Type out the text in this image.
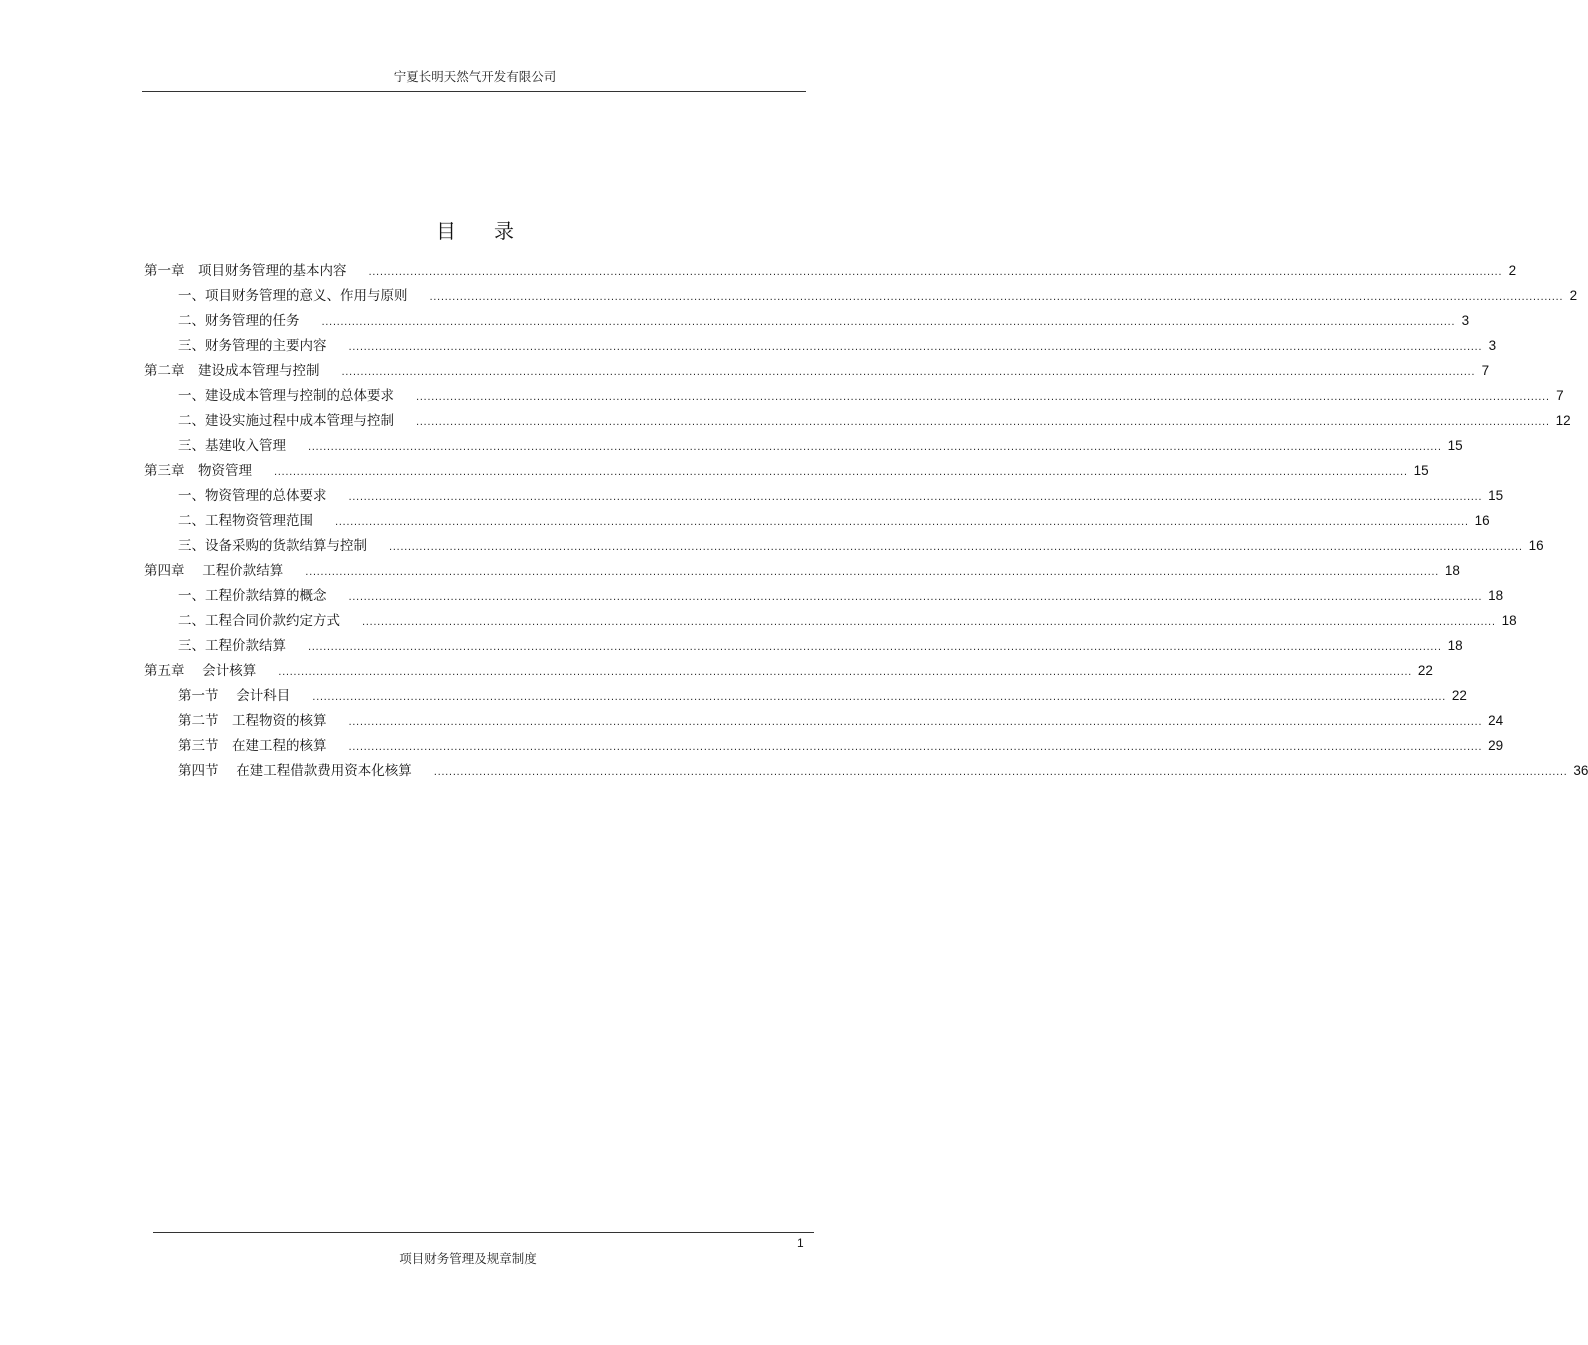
宁夏长明天然气开发有限公司
目录
第一章　项目财务管理的基本内容 ............................................................................................................................................................................................................................................................................................................ 2
一、项目财务管理的意义、作用与原则 ............................................................................................................................................................................................................................................................................................................ 2
二、财务管理的任务 ............................................................................................................................................................................................................................................................................................................ 3
三、财务管理的主要内容 ............................................................................................................................................................................................................................................................................................................ 3
第二章　建设成本管理与控制 ............................................................................................................................................................................................................................................................................................................ 7
一、建设成本管理与控制的总体要求 ............................................................................................................................................................................................................................................................................................................ 7
二、建设实施过程中成本管理与控制 ............................................................................................................................................................................................................................................................................................................ 12
三、基建收入管理 ............................................................................................................................................................................................................................................................................................................ 15
第三章　物资管理 ............................................................................................................................................................................................................................................................................................................ 15
一、物资管理的总体要求 ............................................................................................................................................................................................................................................................................................................ 15
二、工程物资管理范围 ............................................................................................................................................................................................................................................................................................................ 16
三、设备采购的货款结算与控制 ............................................................................................................................................................................................................................................................................................................ 16
第四章　 工程价款结算 ............................................................................................................................................................................................................................................................................................................ 18
一、工程价款结算的概念 ............................................................................................................................................................................................................................................................................................................ 18
二、工程合同价款约定方式 ............................................................................................................................................................................................................................................................................................................ 18
三、工程价款结算 ............................................................................................................................................................................................................................................................................................................ 18
第五章　 会计核算 ............................................................................................................................................................................................................................................................................................................ 22
第一节　 会计科目 ............................................................................................................................................................................................................................................................................................................ 22
第二节　工程物资的核算 ............................................................................................................................................................................................................................................................................................................ 24
第三节　在建工程的核算 ............................................................................................................................................................................................................................................................................................................ 29
第四节　 在建工程借款费用资本化核算 ............................................................................................................................................................................................................................................................................................................ 36
1
项目财务管理及规章制度
